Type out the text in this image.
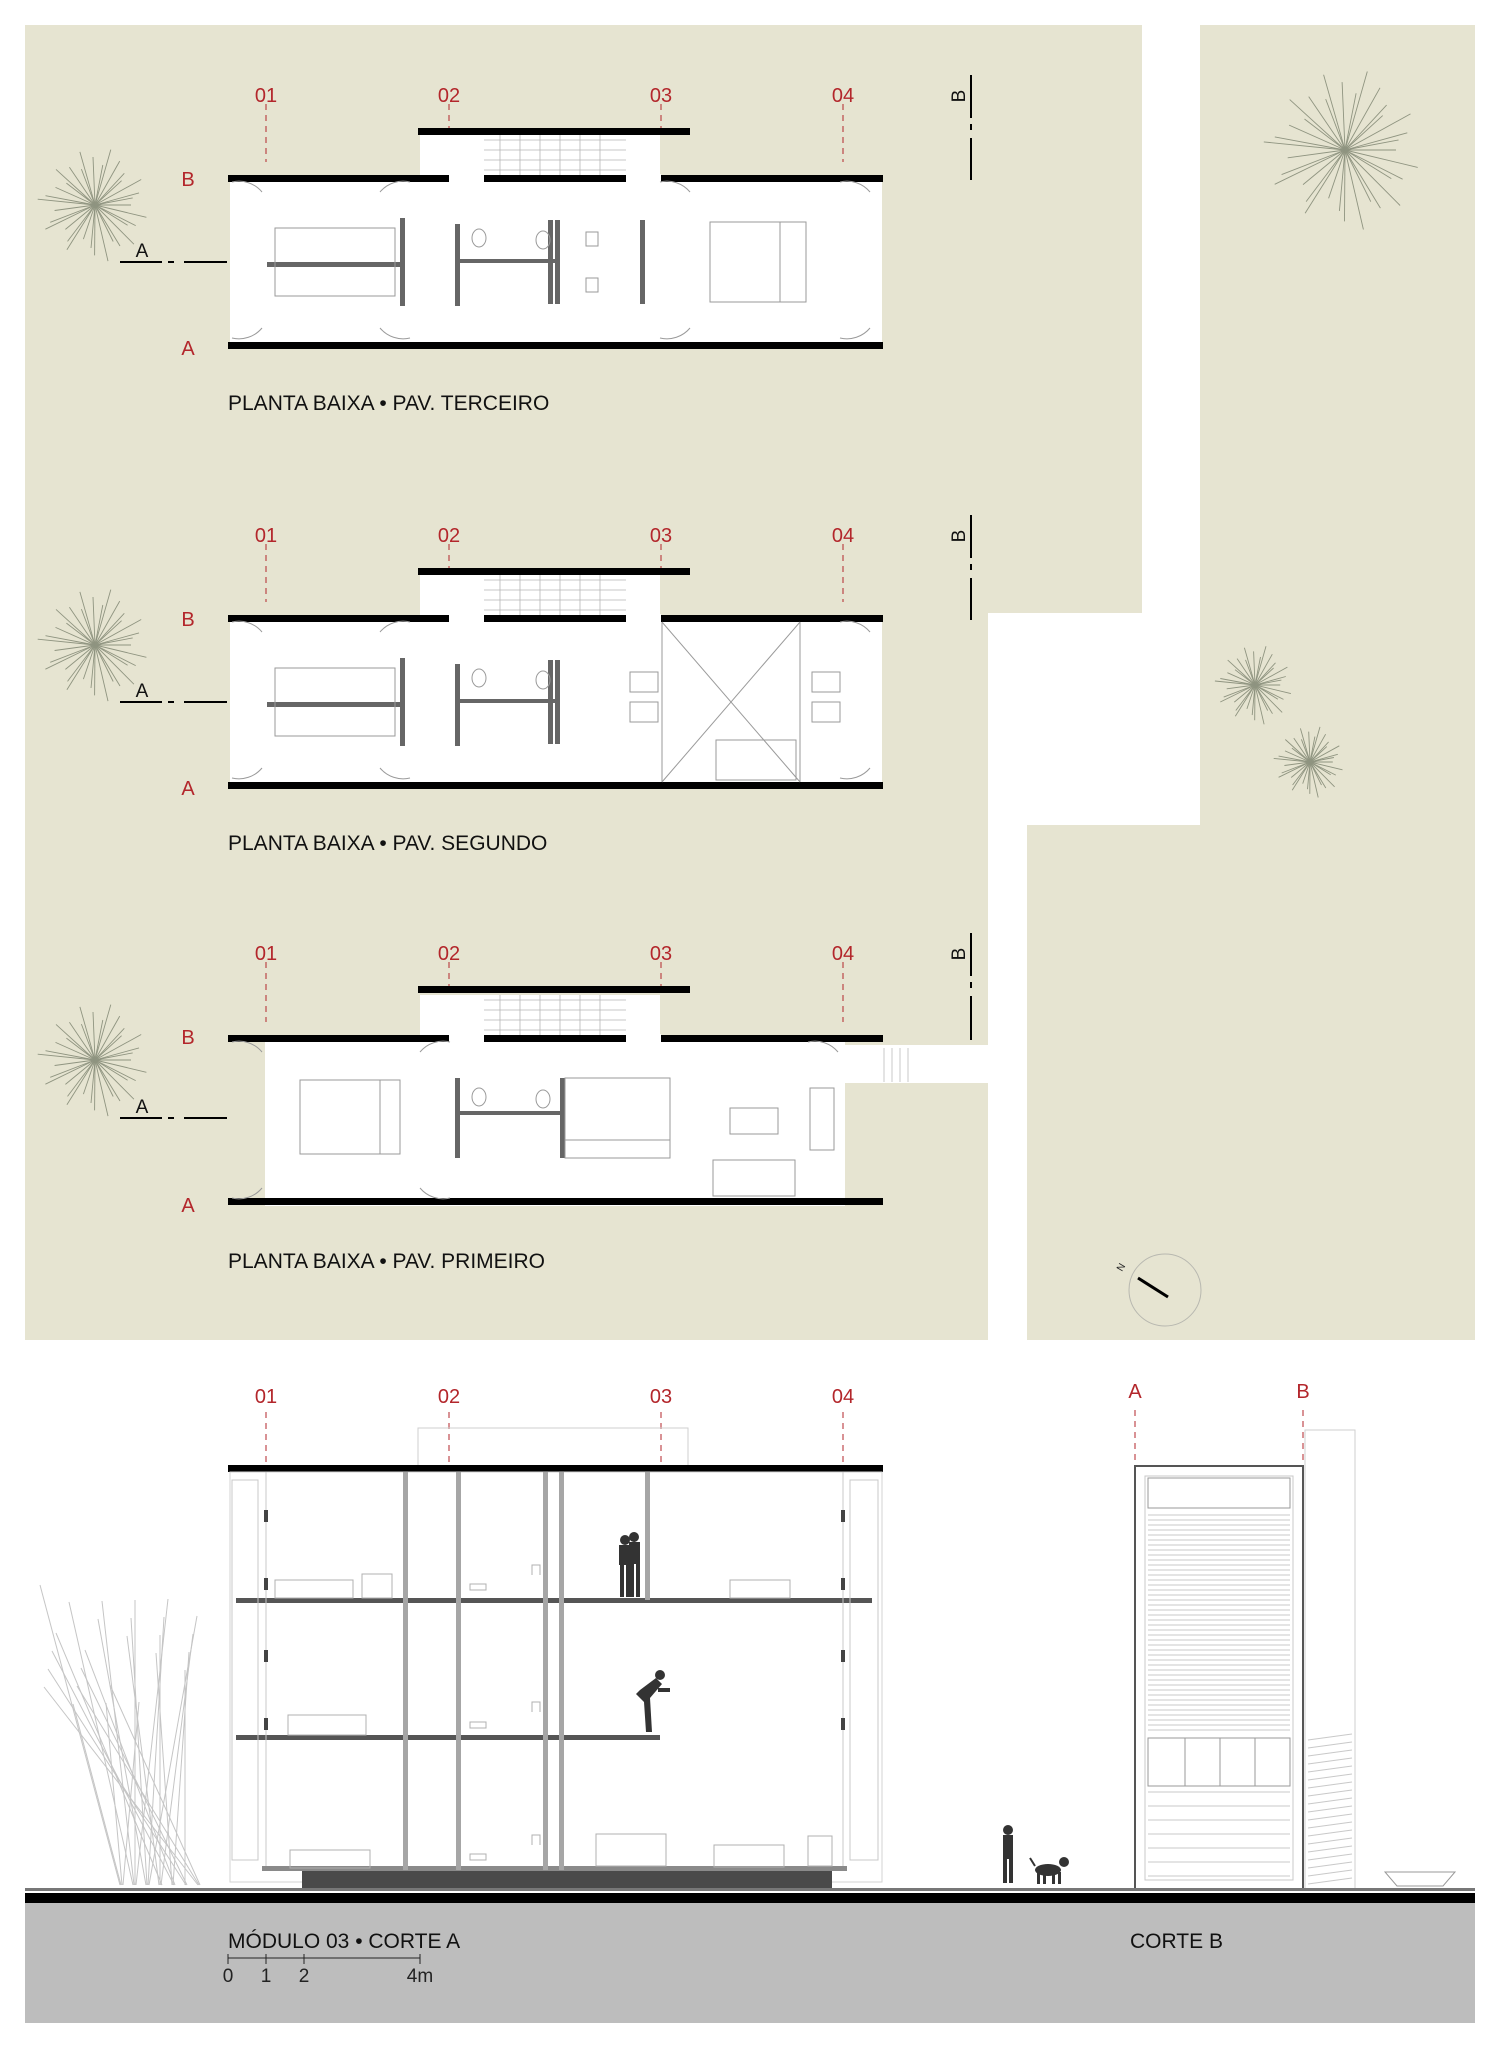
01	02	03	04
B
A
A
B
PLANTA BAIXA • PAV. TERCEIRO
01	02	03	04
B
A
A
B
PLANTA BAIXA • PAV. SEGUNDO
01	02	03	04
B
A
A
B
PLANTA BAIXA • PAV. PRIMEIRO	N
01	02	03	04	A	B
MÓDULO 03 • CORTE A	CORTE B
0 1 2	4m
